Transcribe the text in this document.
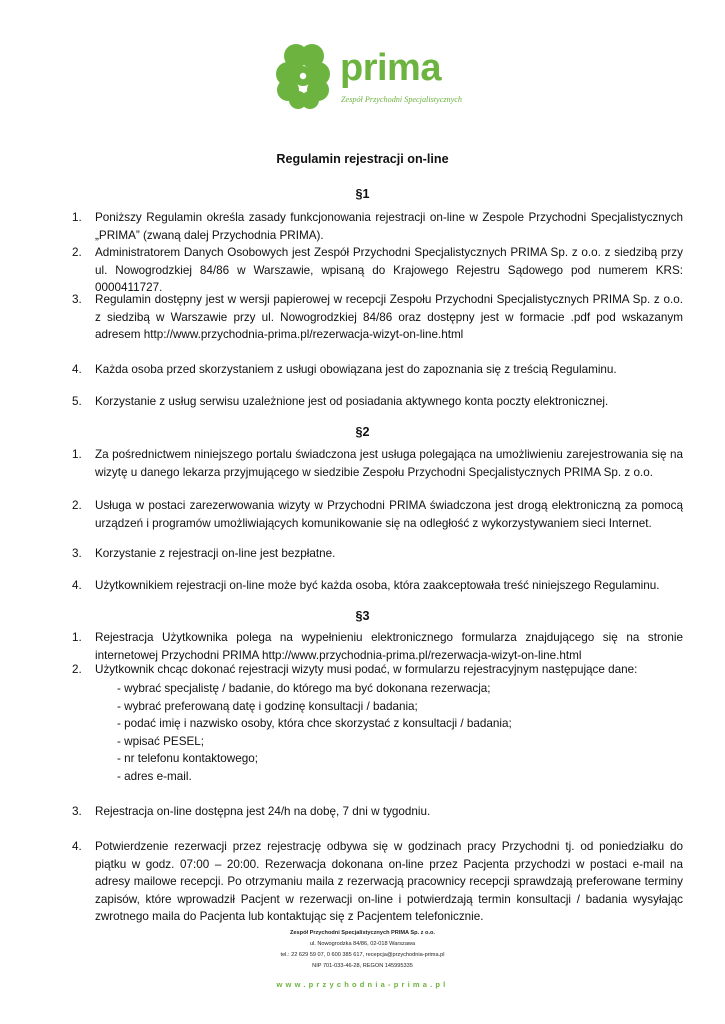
prima
Zespół Przychodni Specjalistycznych
Regulamin rejestracji on-line
§1
1. Poniższy Regulamin określa zasady funkcjonowania rejestracji on-line w Zespole Przychodni Specjalistycznych „PRIMA” (zwaną dalej Przychodnia PRIMA).
2. Administratorem Danych Osobowych jest Zespół Przychodni Specjalistycznych PRIMA Sp. z o.o. z siedzibą przy ul. Nowogrodzkiej 84/86 w Warszawie, wpisaną do Krajowego Rejestru Sądowego pod numerem KRS: 0000411727.
3. Regulamin dostępny jest w wersji papierowej w recepcji Zespołu Przychodni Specjalistycznych PRIMA Sp. z o.o. z siedzibą w Warszawie przy ul. Nowogrodzkiej 84/86 oraz dostępny jest w formacie .pdf pod wskazanym adresem http://www.przychodnia-prima.pl/rezerwacja-wizyt-on-line.html
4. Każda osoba przed skorzystaniem z usługi obowiązana jest do zapoznania się z treścią Regulaminu.
5. Korzystanie z usług serwisu uzależnione jest od posiadania aktywnego konta poczty elektronicznej.
§2
1. Za pośrednictwem niniejszego portalu świadczona jest usługa polegająca na umożliwieniu zarejestrowania się na wizytę u danego lekarza przyjmującego w siedzibie Zespołu Przychodni Specjalistycznych PRIMA Sp. z o.o.
2. Usługa w postaci zarezerwowania wizyty w Przychodni PRIMA świadczona jest drogą elektroniczną za pomocą urządzeń i programów umożliwiających komunikowanie się na odległość z wykorzystywaniem sieci Internet.
3. Korzystanie z rejestracji on-line jest bezpłatne.
4. Użytkownikiem rejestracji on-line może być każda osoba, która zaakceptowała treść niniejszego Regulaminu.
§3
1. Rejestracja Użytkownika polega na wypełnieniu elektronicznego formularza znajdującego się na stronie internetowej Przychodni PRIMA http://www.przychodnia-prima.pl/rezerwacja-wizyt-on-line.html
2. Użytkownik chcąc dokonać rejestracji wizyty musi podać, w formularzu rejestracyjnym następujące dane:
- wybrać specjalistę / badanie, do którego ma być dokonana rezerwacja;
- wybrać preferowaną datę i godzinę konsultacji / badania;
- podać imię i nazwisko osoby, która chce skorzystać z konsultacji / badania;
- wpisać PESEL;
- nr telefonu kontaktowego;
- adres e-mail.
3. Rejestracja on-line dostępna jest 24/h na dobę, 7 dni w tygodniu.
4. Potwierdzenie rezerwacji przez rejestrację odbywa się w godzinach pracy Przychodni tj. od poniedziałku do piątku w godz. 07:00 – 20:00. Rezerwacja dokonana on-line przez Pacjenta przychodzi w postaci e-mail na adresy mailowe recepcji. Po otrzymaniu maila z rezerwacją pracownicy recepcji sprawdzają preferowane terminy zapisów, które wprowadził Pacjent w rezerwacji on-line i potwierdzają termin konsultacji / badania wysyłając zwrotnego maila do Pacjenta lub kontaktując się z Pacjentem telefonicznie.
Zespół Przychodni Specjalistycznych PRIMA Sp. z o.o.
ul. Nowogrodzka 84/86, 02-018 Warszawa
tel.: 22 629 59 07, 0 600 385 617, recepcja@przychodnia-prima.pl
NIP 701-033-46-28, REGON 145995335
www.przychodnia-prima.pl
